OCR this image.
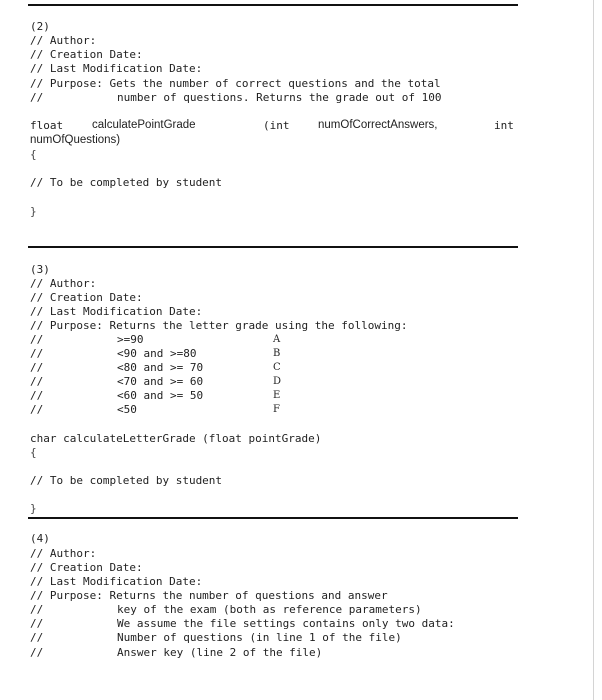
(2)
// Author:
// Creation Date:
// Last Modification Date:
// Purpose: Gets the number of correct questions and the total
//	number of questions. Returns the grade out of 100
float	calculatePointGrade	(int numOfCorrectAnswers,	int
numOfQuestions)
{
// To be completed by student
}
(3)
// Author:
// Creation Date:
// Last Modification Date:
// Purpose: Returns the letter grade using the following:
//	>=90	A
//	<90 and >=80	B
//	<80 and >= 70	C
//	<70 and >= 60	D
//	<60 and >= 50	E
//	<50	F
char calculateLetterGrade (float pointGrade)
{
// To be completed by student
}
(4)
// Author:
// Creation Date:
// Last Modification Date:
// Purpose: Returns the number of questions and answer
//	key of the exam (both as reference parameters)
//	We assume the file settings contains only two data:
//	Number of questions (in line 1 of the file)
//	Answer key (line 2 of the file)
